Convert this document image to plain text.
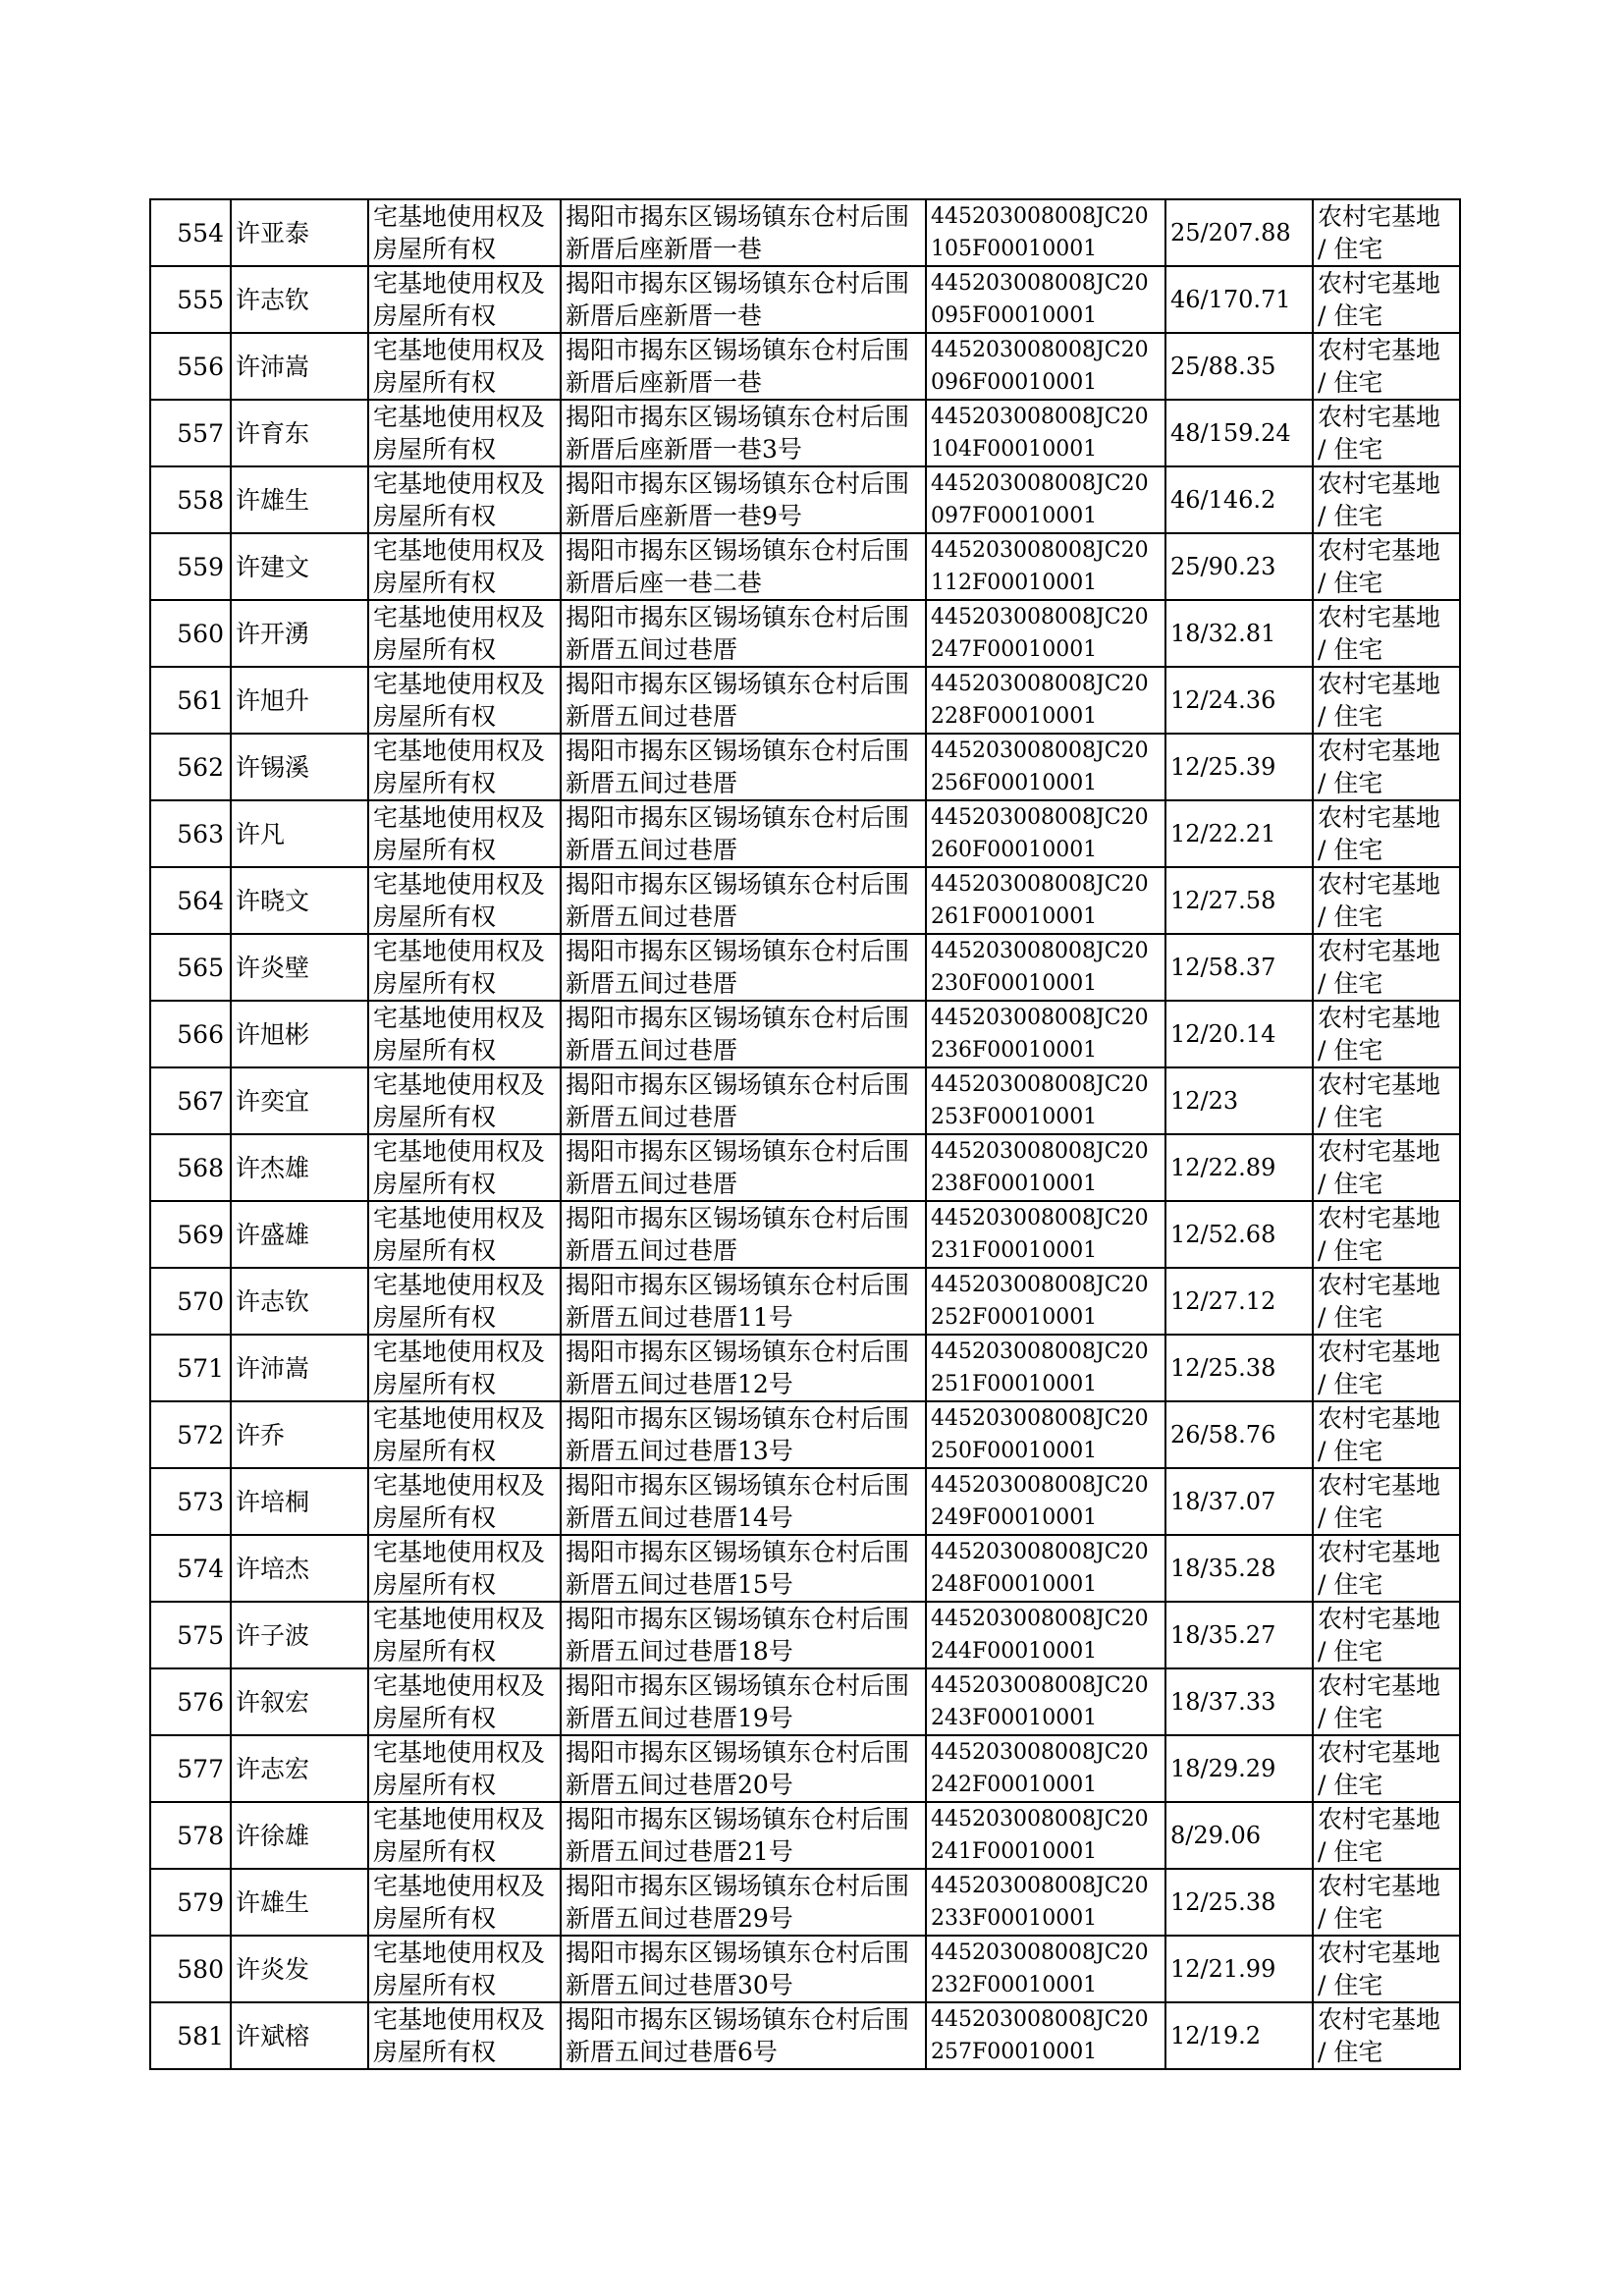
554	许亚泰	宅基地使用权及房屋所有权	揭阳市揭东区锡场镇东仓村后围新厝后座新厝一巷	445203008008JC20105F00010001	25/207.88	农村宅基地 / 住宅
555	许志钦	宅基地使用权及房屋所有权	揭阳市揭东区锡场镇东仓村后围新厝后座新厝一巷	445203008008JC20095F00010001	46/170.71	农村宅基地 / 住宅
556	许沛嵩	宅基地使用权及房屋所有权	揭阳市揭东区锡场镇东仓村后围新厝后座新厝一巷	445203008008JC20096F00010001	25/88.35	农村宅基地 / 住宅
557	许育东	宅基地使用权及房屋所有权	揭阳市揭东区锡场镇东仓村后围新厝后座新厝一巷3号	445203008008JC20104F00010001	48/159.24	农村宅基地 / 住宅
558	许雄生	宅基地使用权及房屋所有权	揭阳市揭东区锡场镇东仓村后围新厝后座新厝一巷9号	445203008008JC20097F00010001	46/146.2	农村宅基地 / 住宅
559	许建文	宅基地使用权及房屋所有权	揭阳市揭东区锡场镇东仓村后围新厝后座一巷二巷	445203008008JC20112F00010001	25/90.23	农村宅基地 / 住宅
560	许开湧	宅基地使用权及房屋所有权	揭阳市揭东区锡场镇东仓村后围新厝五间过巷厝	445203008008JC20247F00010001	18/32.81	农村宅基地 / 住宅
561	许旭升	宅基地使用权及房屋所有权	揭阳市揭东区锡场镇东仓村后围新厝五间过巷厝	445203008008JC20228F00010001	12/24.36	农村宅基地 / 住宅
562	许锡溪	宅基地使用权及房屋所有权	揭阳市揭东区锡场镇东仓村后围新厝五间过巷厝	445203008008JC20256F00010001	12/25.39	农村宅基地 / 住宅
563	许凡	宅基地使用权及房屋所有权	揭阳市揭东区锡场镇东仓村后围新厝五间过巷厝	445203008008JC20260F00010001	12/22.21	农村宅基地 / 住宅
564	许晓文	宅基地使用权及房屋所有权	揭阳市揭东区锡场镇东仓村后围新厝五间过巷厝	445203008008JC20261F00010001	12/27.58	农村宅基地 / 住宅
565	许炎壁	宅基地使用权及房屋所有权	揭阳市揭东区锡场镇东仓村后围新厝五间过巷厝	445203008008JC20230F00010001	12/58.37	农村宅基地 / 住宅
566	许旭彬	宅基地使用权及房屋所有权	揭阳市揭东区锡场镇东仓村后围新厝五间过巷厝	445203008008JC20236F00010001	12/20.14	农村宅基地 / 住宅
567	许奕宜	宅基地使用权及房屋所有权	揭阳市揭东区锡场镇东仓村后围新厝五间过巷厝	445203008008JC20253F00010001	12/23	农村宅基地 / 住宅
568	许杰雄	宅基地使用权及房屋所有权	揭阳市揭东区锡场镇东仓村后围新厝五间过巷厝	445203008008JC20238F00010001	12/22.89	农村宅基地 / 住宅
569	许盛雄	宅基地使用权及房屋所有权	揭阳市揭东区锡场镇东仓村后围新厝五间过巷厝	445203008008JC20231F00010001	12/52.68	农村宅基地 / 住宅
570	许志钦	宅基地使用权及房屋所有权	揭阳市揭东区锡场镇东仓村后围新厝五间过巷厝11号	445203008008JC20252F00010001	12/27.12	农村宅基地 / 住宅
571	许沛嵩	宅基地使用权及房屋所有权	揭阳市揭东区锡场镇东仓村后围新厝五间过巷厝12号	445203008008JC20251F00010001	12/25.38	农村宅基地 / 住宅
572	许乔	宅基地使用权及房屋所有权	揭阳市揭东区锡场镇东仓村后围新厝五间过巷厝13号	445203008008JC20250F00010001	26/58.76	农村宅基地 / 住宅
573	许培桐	宅基地使用权及房屋所有权	揭阳市揭东区锡场镇东仓村后围新厝五间过巷厝14号	445203008008JC20249F00010001	18/37.07	农村宅基地 / 住宅
574	许培杰	宅基地使用权及房屋所有权	揭阳市揭东区锡场镇东仓村后围新厝五间过巷厝15号	445203008008JC20248F00010001	18/35.28	农村宅基地 / 住宅
575	许子波	宅基地使用权及房屋所有权	揭阳市揭东区锡场镇东仓村后围新厝五间过巷厝18号	445203008008JC20244F00010001	18/35.27	农村宅基地 / 住宅
576	许叙宏	宅基地使用权及房屋所有权	揭阳市揭东区锡场镇东仓村后围新厝五间过巷厝19号	445203008008JC20243F00010001	18/37.33	农村宅基地 / 住宅
577	许志宏	宅基地使用权及房屋所有权	揭阳市揭东区锡场镇东仓村后围新厝五间过巷厝20号	445203008008JC20242F00010001	18/29.29	农村宅基地 / 住宅
578	许徐雄	宅基地使用权及房屋所有权	揭阳市揭东区锡场镇东仓村后围新厝五间过巷厝21号	445203008008JC20241F00010001	8/29.06	农村宅基地 / 住宅
579	许雄生	宅基地使用权及房屋所有权	揭阳市揭东区锡场镇东仓村后围新厝五间过巷厝29号	445203008008JC20233F00010001	12/25.38	农村宅基地 / 住宅
580	许炎发	宅基地使用权及房屋所有权	揭阳市揭东区锡场镇东仓村后围新厝五间过巷厝30号	445203008008JC20232F00010001	12/21.99	农村宅基地 / 住宅
581	许斌榕	宅基地使用权及房屋所有权	揭阳市揭东区锡场镇东仓村后围新厝五间过巷厝6号	445203008008JC20257F00010001	12/19.2	农村宅基地 / 住宅
